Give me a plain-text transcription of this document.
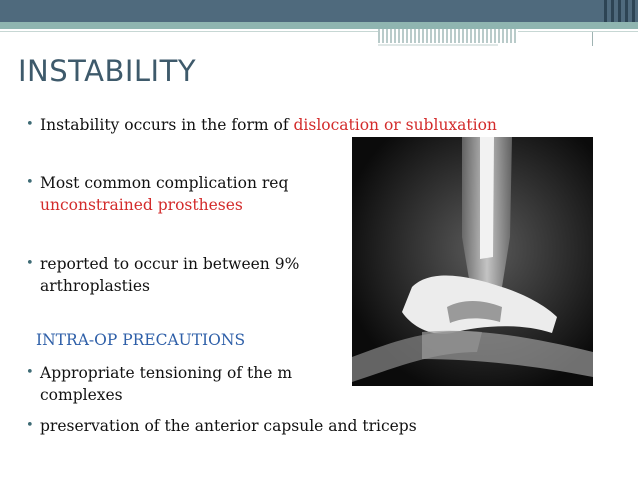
INSTABILITY
• Instability occurs in the form of dislocation or subluxation
• Most common complication req
unconstrained prostheses
• reported to occur in between 9%
arthroplasties
INTRA-OP PRECAUTIONS
• Appropriate tensioning of the m
complexes
• preservation of the anterior capsule and triceps
